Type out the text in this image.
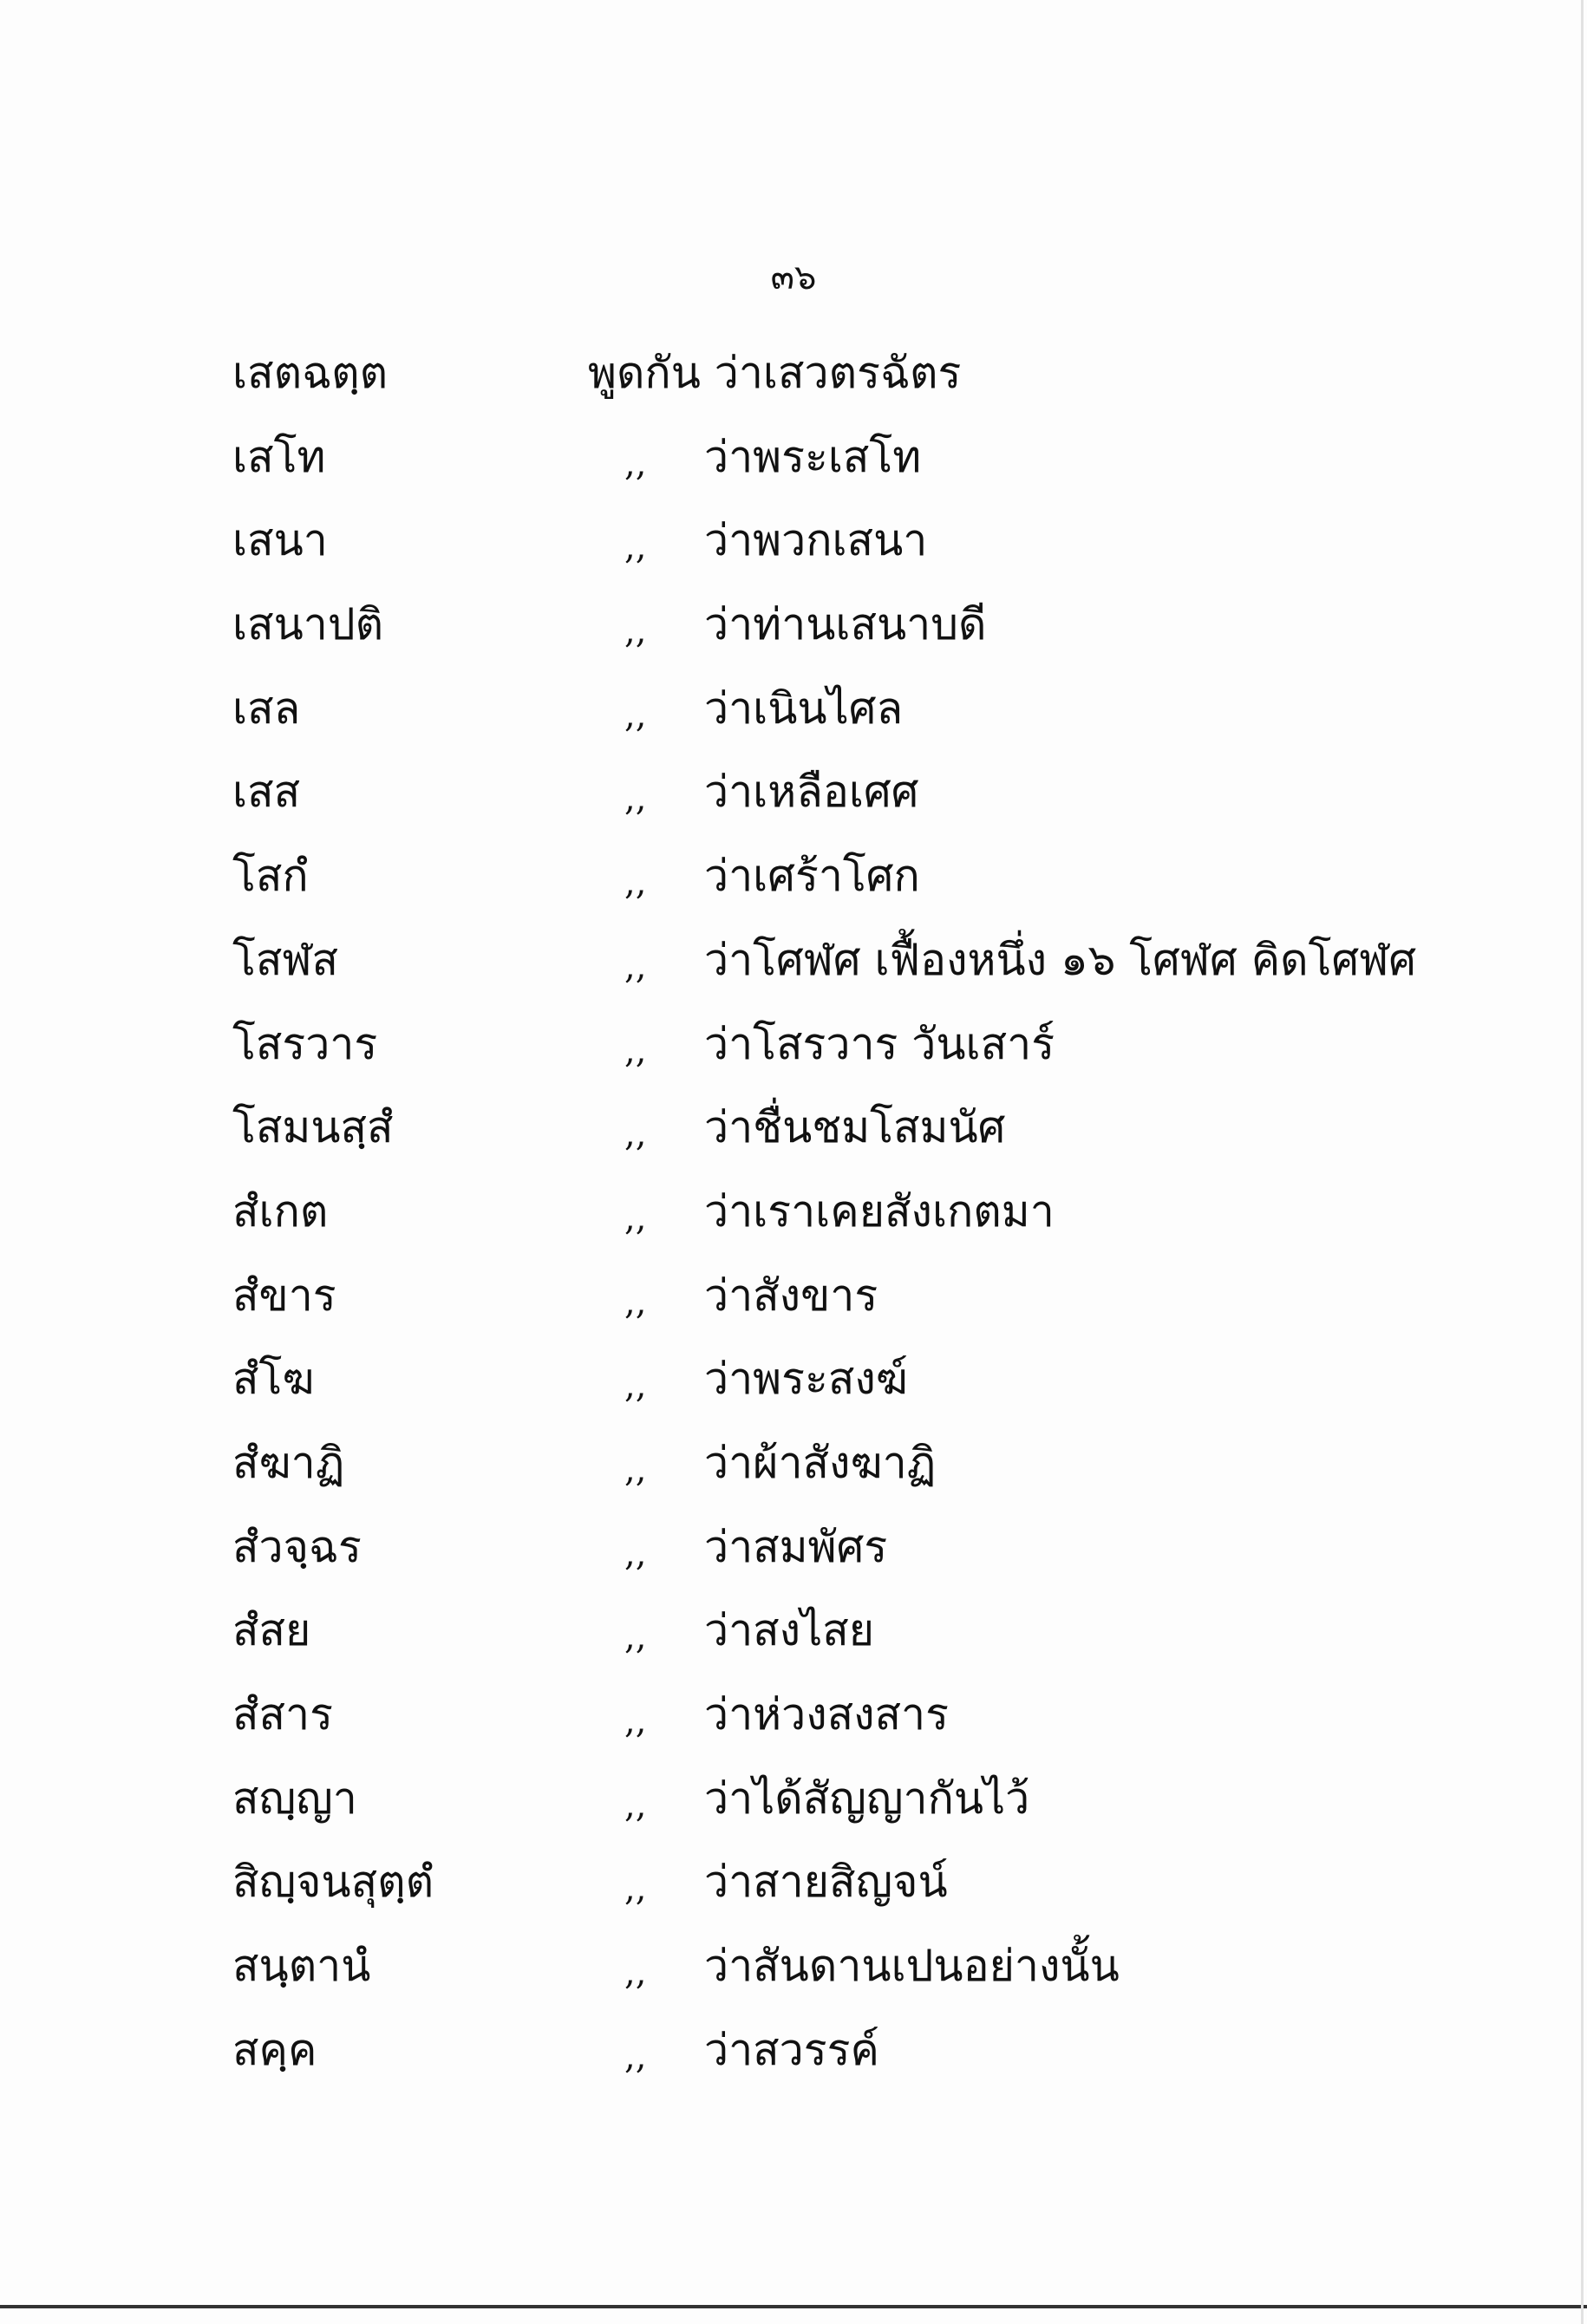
๓๖
เสตฉตฺต	พูดกัน ว่าเสวตรฉัตร
เสโท	,, ว่าพระเสโท
เสนา	,, ว่าพวกเสนา
เสนาปติ	,, ว่าท่านเสนาบดี
เสล	,, ว่าเนินไศล
เสส	,, ว่าเหลือเศศ
โสกํ	,, ว่าเศร้าโศก
โสฬส	,, ว่าโศฬศ เฟื้องหนึ่ง ๑๖ โศฬศ คิดโศฬศ
โสรวาร	,, ว่าโสรวาร วันเสาร์
โสมนสฺสํ	,, ว่าชื่นชมโสมนัศ
สํเกต	,, ว่าเราเคยสังเกตมา
สํขาร	,, ว่าสังขาร
สํโฆ	,, ว่าพระสงฆ์
สํฆาฏิ	,, ว่าผ้าสังฆาฏิ
สํวจฺฉร	,, ว่าสมพัศร
สํสย	,, ว่าสงไสย
สํสาร	,, ว่าห่วงสงสาร
สญฺญา	,, ว่าได้สัญญากันไว้
สิญฺจนสุตฺตํ	,, ว่าสายสิญจน์
สนฺตานํ	,, ว่าสันดานเปนอย่างนั้น
สคฺค	,, ว่าสวรรค์
